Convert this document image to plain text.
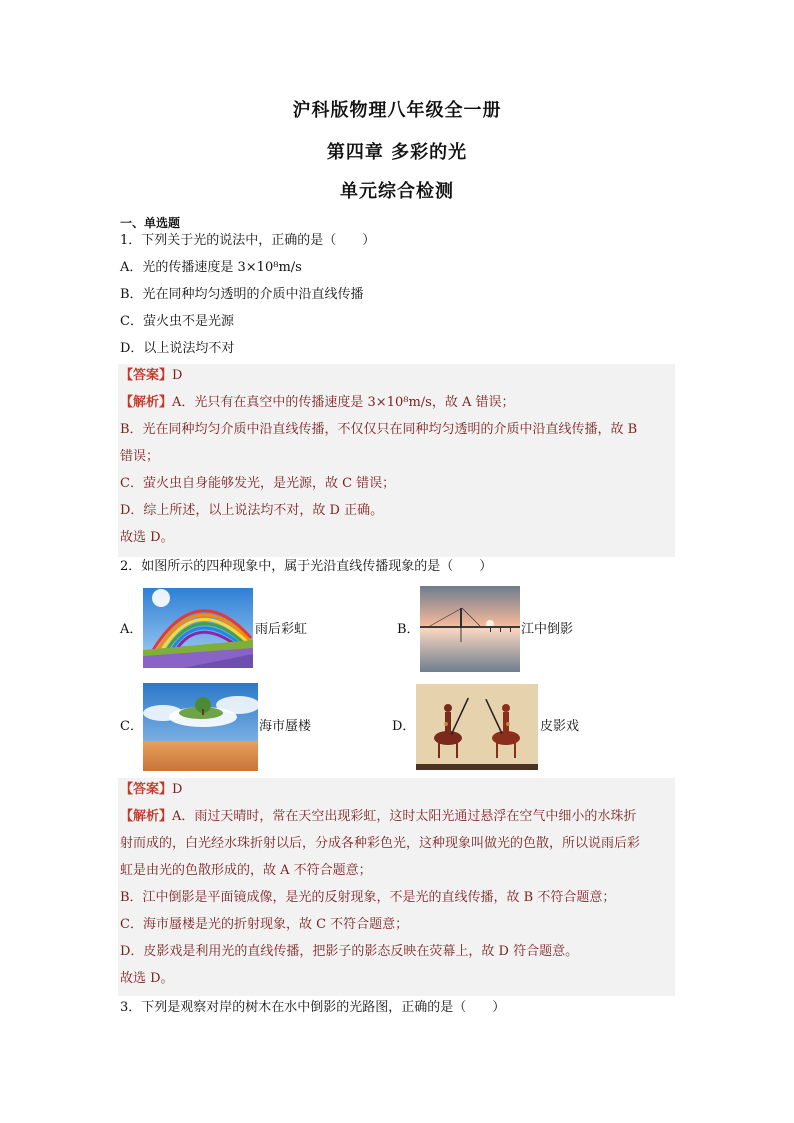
沪科版物理八年级全一册
第四章 多彩的光
单元综合检测
一、单选题
1．下列关于光的说法中，正确的是（　　）
A．光的传播速度是 3×10⁸m/s
B．光在同种均匀透明的介质中沿直线传播
C．萤火虫不是光源
D．以上说法均不对
【答案】D
【解析】A．光只有在真空中的传播速度是 3×10⁸m/s，故 A 错误；
B．光在同种均匀介质中沿直线传播，不仅仅只在同种均匀透明的介质中沿直线传播，故 B
错误；
C．萤火虫自身能够发光，是光源，故 C 错误；
D．综上所述，以上说法均不对，故 D 正确。
故选 D。
2．如图所示的四种现象中，属于光沿直线传播现象的是（　　）
A．	雨后彩虹	B．	江中倒影
C．	海市蜃楼	D．	皮影戏
【答案】D
【解析】A．雨过天晴时，常在天空出现彩虹，这时太阳光通过悬浮在空气中细小的水珠折
射而成的，白光经水珠折射以后，分成各种彩色光，这种现象叫做光的色散，所以说雨后彩
虹是由光的色散形成的，故 A 不符合题意；
B．江中倒影是平面镜成像，是光的反射现象，不是光的直线传播，故 B 不符合题意；
C．海市蜃楼是光的折射现象，故 C 不符合题意；
D．皮影戏是利用光的直线传播，把影子的影态反映在荧幕上，故 D 符合题意。
故选 D。
3．下列是观察对岸的树木在水中倒影的光路图，正确的是（　　）
